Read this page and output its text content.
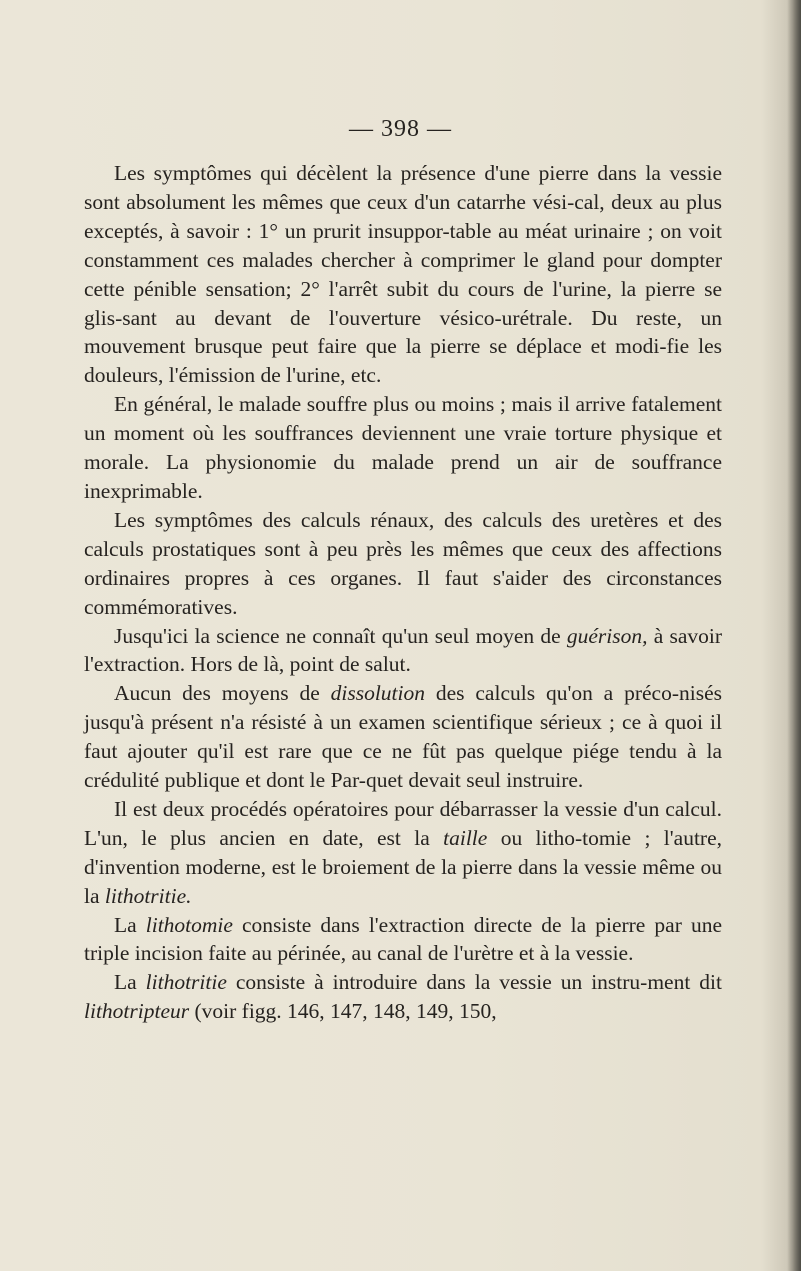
— 398 —

Les symptômes qui décèlent la présence d'une pierre dans la vessie sont absolument les mêmes que ceux d'un catarrhe vési-cal, deux au plus exceptés, à savoir : 1° un prurit insuppor-table au méat urinaire ; on voit constamment ces malades chercher à comprimer le gland pour dompter cette pénible sensation; 2° l'arrêt subit du cours de l'urine, la pierre se glis-sant au devant de l'ouverture vésico-urétrale. Du reste, un mouvement brusque peut faire que la pierre se déplace et modi-fie les douleurs, l'émission de l'urine, etc.

En général, le malade souffre plus ou moins ; mais il arrive fatalement un moment où les souffrances deviennent une vraie torture physique et morale. La physionomie du malade prend un air de souffrance inexprimable.

Les symptômes des calculs rénaux, des calculs des uretères et des calculs prostatiques sont à peu près les mêmes que ceux des affections ordinaires propres à ces organes. Il faut s'aider des circonstances commémoratives.

Jusqu'ici la science ne connaît qu'un seul moyen de guérison, à savoir l'extraction. Hors de là, point de salut.

Aucun des moyens de dissolution des calculs qu'on a préco-nisés jusqu'à présent n'a résisté à un examen scientifique sérieux ; ce à quoi il faut ajouter qu'il est rare que ce ne fût pas quelque piége tendu à la crédulité publique et dont le Par-quet devait seul instruire.

Il est deux procédés opératoires pour débarrasser la vessie d'un calcul. L'un, le plus ancien en date, est la taille ou litho-tomie ; l'autre, d'invention moderne, est le broiement de la pierre dans la vessie même ou la lithotritie.

La lithotomie consiste dans l'extraction directe de la pierre par une triple incision faite au périnée, au canal de l'urètre et à la vessie.

La lithotritie consiste à introduire dans la vessie un instru-ment dit lithotripteur (voir figg. 146, 147, 148, 149, 150,
